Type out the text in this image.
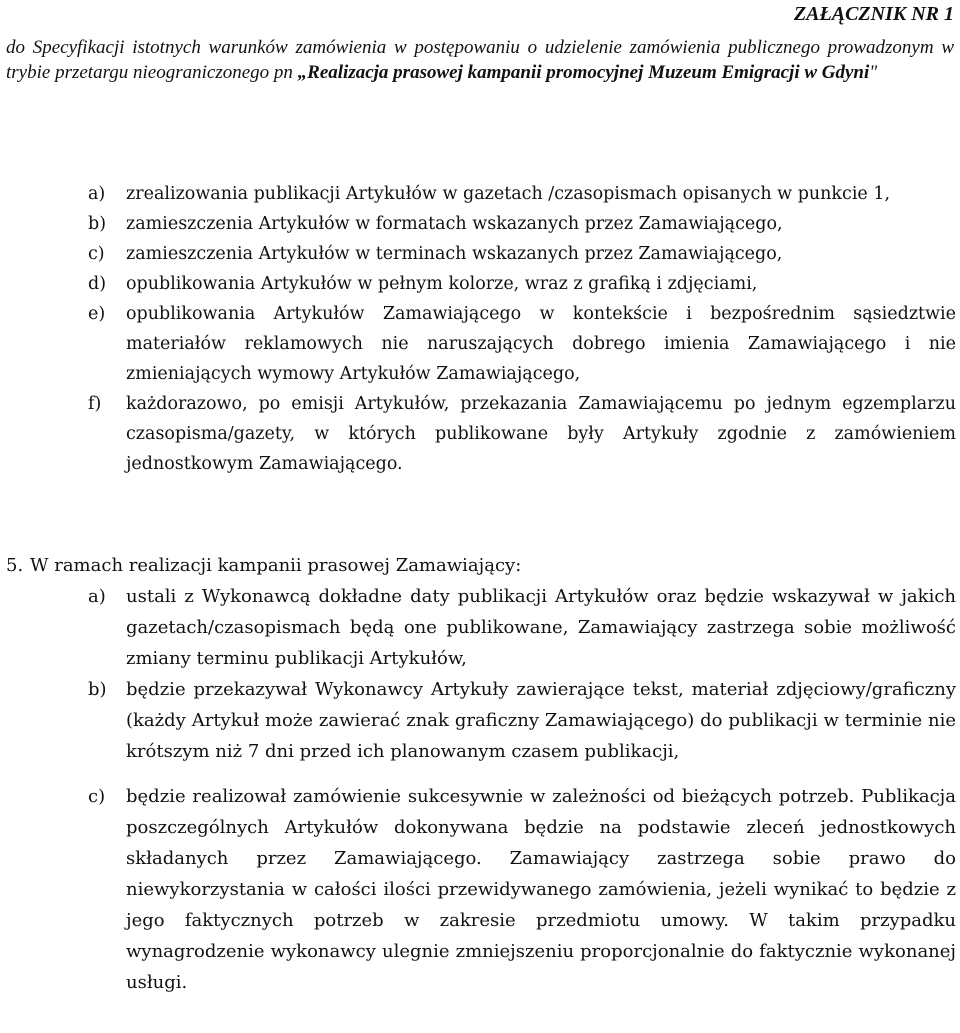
ZAŁĄCZNIK NR 1
do Specyfikacji istotnych warunków zamówienia w postępowaniu o udzielenie zamówienia publicznego prowadzonym w trybie przetargu nieograniczonego pn „Realizacja prasowej kampanii promocyjnej Muzeum Emigracji w Gdyni"
a)	zrealizowania publikacji Artykułów w gazetach /czasopismach opisanych w punkcie 1,
b)	zamieszczenia Artykułów w formatach wskazanych przez Zamawiającego,
c)	zamieszczenia Artykułów w terminach wskazanych przez Zamawiającego,
d)	opublikowania Artykułów w pełnym kolorze, wraz z grafiką i zdjęciami,
e)	opublikowania Artykułów Zamawiającego w kontekście i bezpośrednim sąsiedztwie materiałów reklamowych nie naruszających dobrego imienia Zamawiającego i nie zmieniających wymowy Artykułów Zamawiającego,
f)	każdorazowo, po emisji Artykułów, przekazania Zamawiającemu po jednym egzemplarzu czasopisma/gazety, w których publikowane były Artykuły zgodnie z zamówieniem jednostkowym Zamawiającego.
5. W ramach realizacji kampanii prasowej Zamawiający:
a)	ustali z Wykonawcą dokładne daty publikacji Artykułów oraz będzie wskazywał w jakich gazetach/czasopismach będą one publikowane, Zamawiający zastrzega sobie możliwość zmiany terminu publikacji Artykułów,
b)	będzie przekazywał Wykonawcy Artykuły zawierające tekst, materiał zdjęciowy/graficzny (każdy Artykuł może zawierać znak graficzny Zamawiającego) do publikacji w terminie nie krótszym niż 7 dni przed ich planowanym czasem publikacji,
c)	będzie realizował zamówienie sukcesywnie w zależności od bieżących potrzeb. Publikacja poszczególnych Artykułów dokonywana będzie na podstawie zleceń jednostkowych składanych przez Zamawiającego. Zamawiający zastrzega sobie prawo do niewykorzystania w całości ilości przewidywanego zamówienia, jeżeli wynikać to będzie z jego faktycznych potrzeb w zakresie przedmiotu umowy. W takim przypadku wynagrodzenie wykonawcy ulegnie zmniejszeniu proporcjonalnie do faktycznie wykonanej usługi.
